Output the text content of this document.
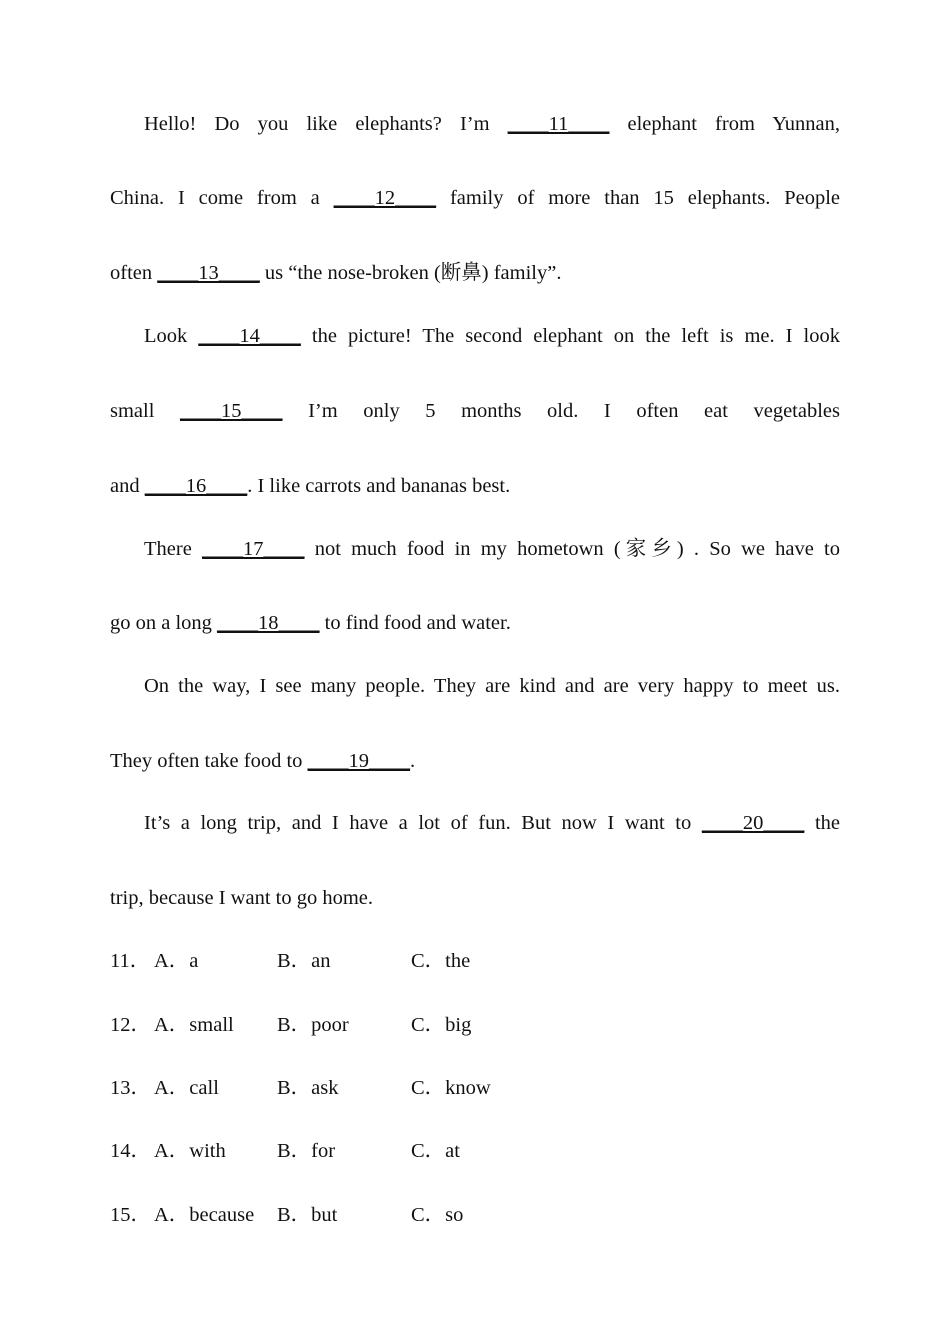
Hello! Do you like elephants? I’m ____11____ elephant from Yunnan,

China. I come from a ____12____ family of more than 15 elephants. People

often ____13____ us “the nose-broken (断鼻) family”.

Look ____14____ the picture! The second elephant on the left is me. I look

small ____15____ I’m only 5 months old. I often eat vegetables

and ____16____. I like carrots and bananas best.

There ____17____ not much food in my hometown (家乡) . So we have to

go on a long ____18____ to find food and water.

On the way, I see many people. They are kind and are very happy to meet us.

They often take food to ____19____.

It’s a long trip, and I have a lot of fun. But now I want to ____20____ the

trip, because I want to go home.

11． A．a	B．an	C．the
12． A．small B．poor	C．big
13． A．call	B．ask	C．know
14． A．with	B．for	C．at
15． A．because B．but	C．so
